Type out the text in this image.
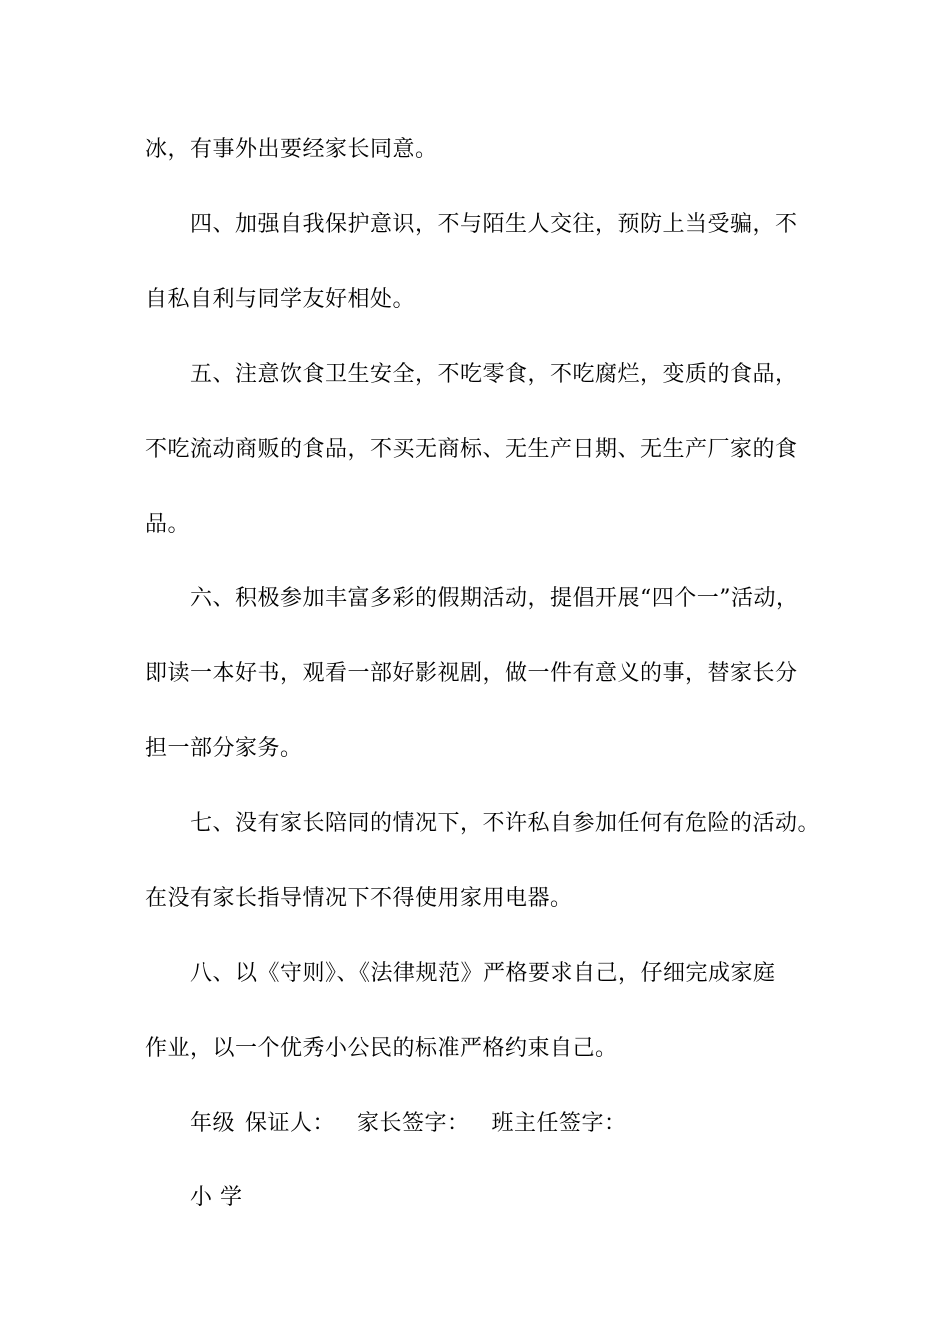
冰，有事外出要经家长同意。
四、加强自我保护意识，不与陌生人交往，预防上当受骗，不
自私自利与同学友好相处。
五、注意饮食卫生安全，不吃零食，不吃腐烂，变质的食品，
不吃流动商贩的食品，不买无商标、无生产日期、无生产厂家的食
品。
六、积极参加丰富多彩的假期活动，提倡开展“四个一”活动，
即读一本好书，观看一部好影视剧，做一件有意义的事，替家长分
担一部分家务。
七、没有家长陪同的情况下，不许私自参加任何有危险的活动。
在没有家长指导情况下不得使用家用电器。
八、以《守则》、《法律规范》严格要求自己，仔细完成家庭
作业，以一个优秀小公民的标准严格约束自己。
年级 保证人： 家长签字： 班主任签字：
小 学
